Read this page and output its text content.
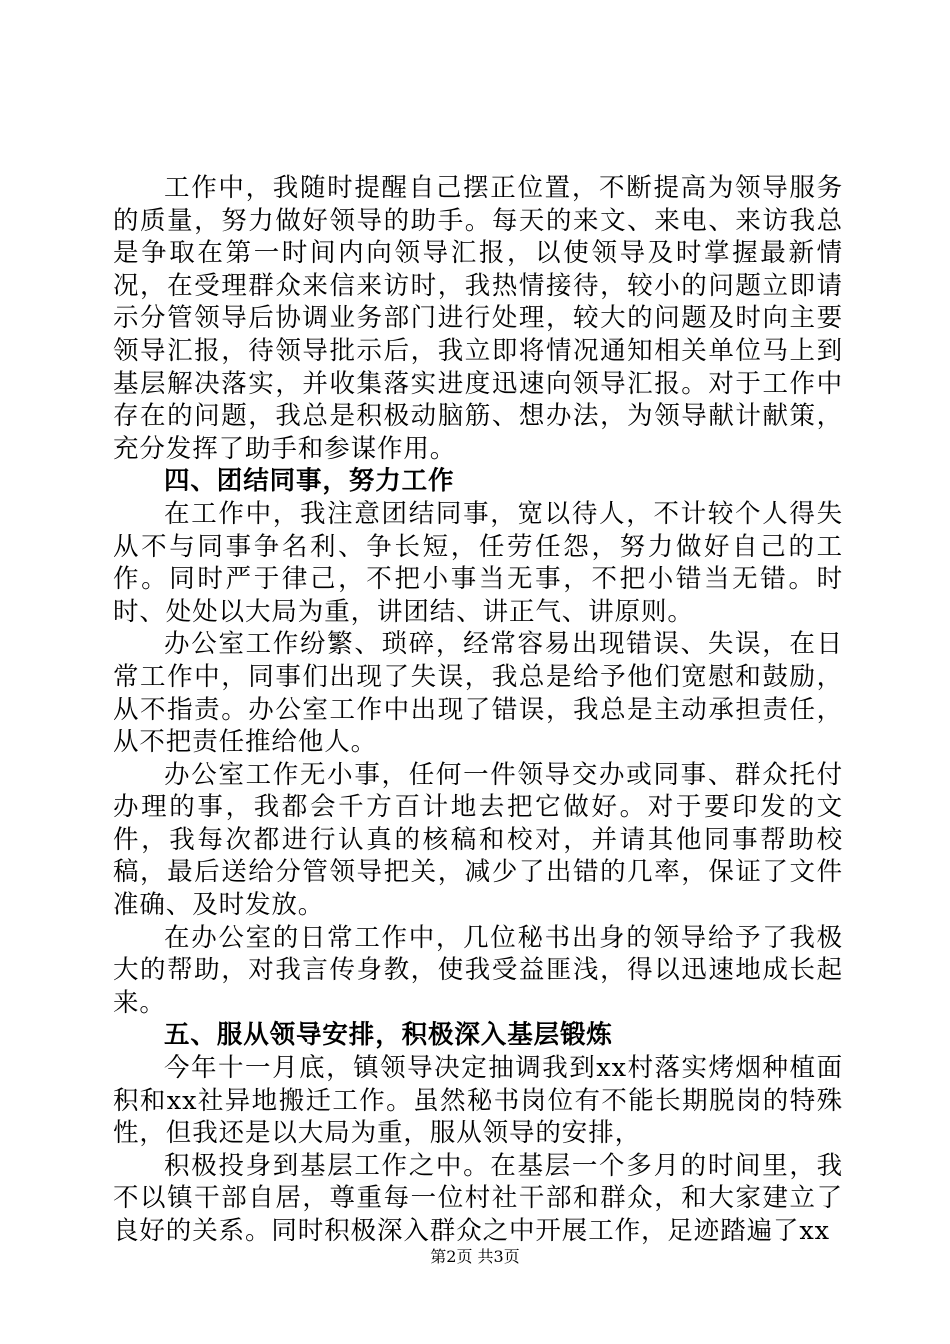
工作中，我随时提醒自己摆正位置，不断提高为领导服务的质量，努力做好领导的助手。每天的来文、来电、来访我总是争取在第一时间内向领导汇报，以使领导及时掌握最新情况，在受理群众来信来访时，我热情接待，较小的问题立即请示分管领导后协调业务部门进行处理，较大的问题及时向主要领导汇报，待领导批示后，我立即将情况通知相关单位马上到基层解决落实，并收集落实进度迅速向领导汇报。对于工作中存在的问题，我总是积极动脑筋、想办法，为领导献计献策，充分发挥了助手和参谋作用。

四、团结同事，努力工作

在工作中，我注意团结同事，宽以待人，不计较个人得失从不与同事争名利、争长短，任劳任怨，努力做好自己的工作。同时严于律己，不把小事当无事，不把小错当无错。时时、处处以大局为重，讲团结、讲正气、讲原则。

办公室工作纷繁、琐碎，经常容易出现错误、失误，在日常工作中，同事们出现了失误，我总是给予他们宽慰和鼓励，从不指责。办公室工作中出现了错误，我总是主动承担责任，从不把责任推给他人。

办公室工作无小事，任何一件领导交办或同事、群众托付办理的事，我都会千方百计地去把它做好。对于要印发的文件，我每次都进行认真的核稿和校对，并请其他同事帮助校稿，最后送给分管领导把关，减少了出错的几率，保证了文件准确、及时发放。

在办公室的日常工作中，几位秘书出身的领导给予了我极大的帮助，对我言传身教，使我受益匪浅，得以迅速地成长起来。

五、服从领导安排，积极深入基层锻炼

今年十一月底，镇领导决定抽调我到xx村落实烤烟种植面积和xx社异地搬迁工作。虽然秘书岗位有不能长期脱岗的特殊性，但我还是以大局为重，服从领导的安排，

积极投身到基层工作之中。在基层一个多月的时间里，我不以镇干部自居，尊重每一位村社干部和群众，和大家建立了良好的关系。同时积极深入群众之中开展工作，足迹踏遍了xx

第2页 共3页
